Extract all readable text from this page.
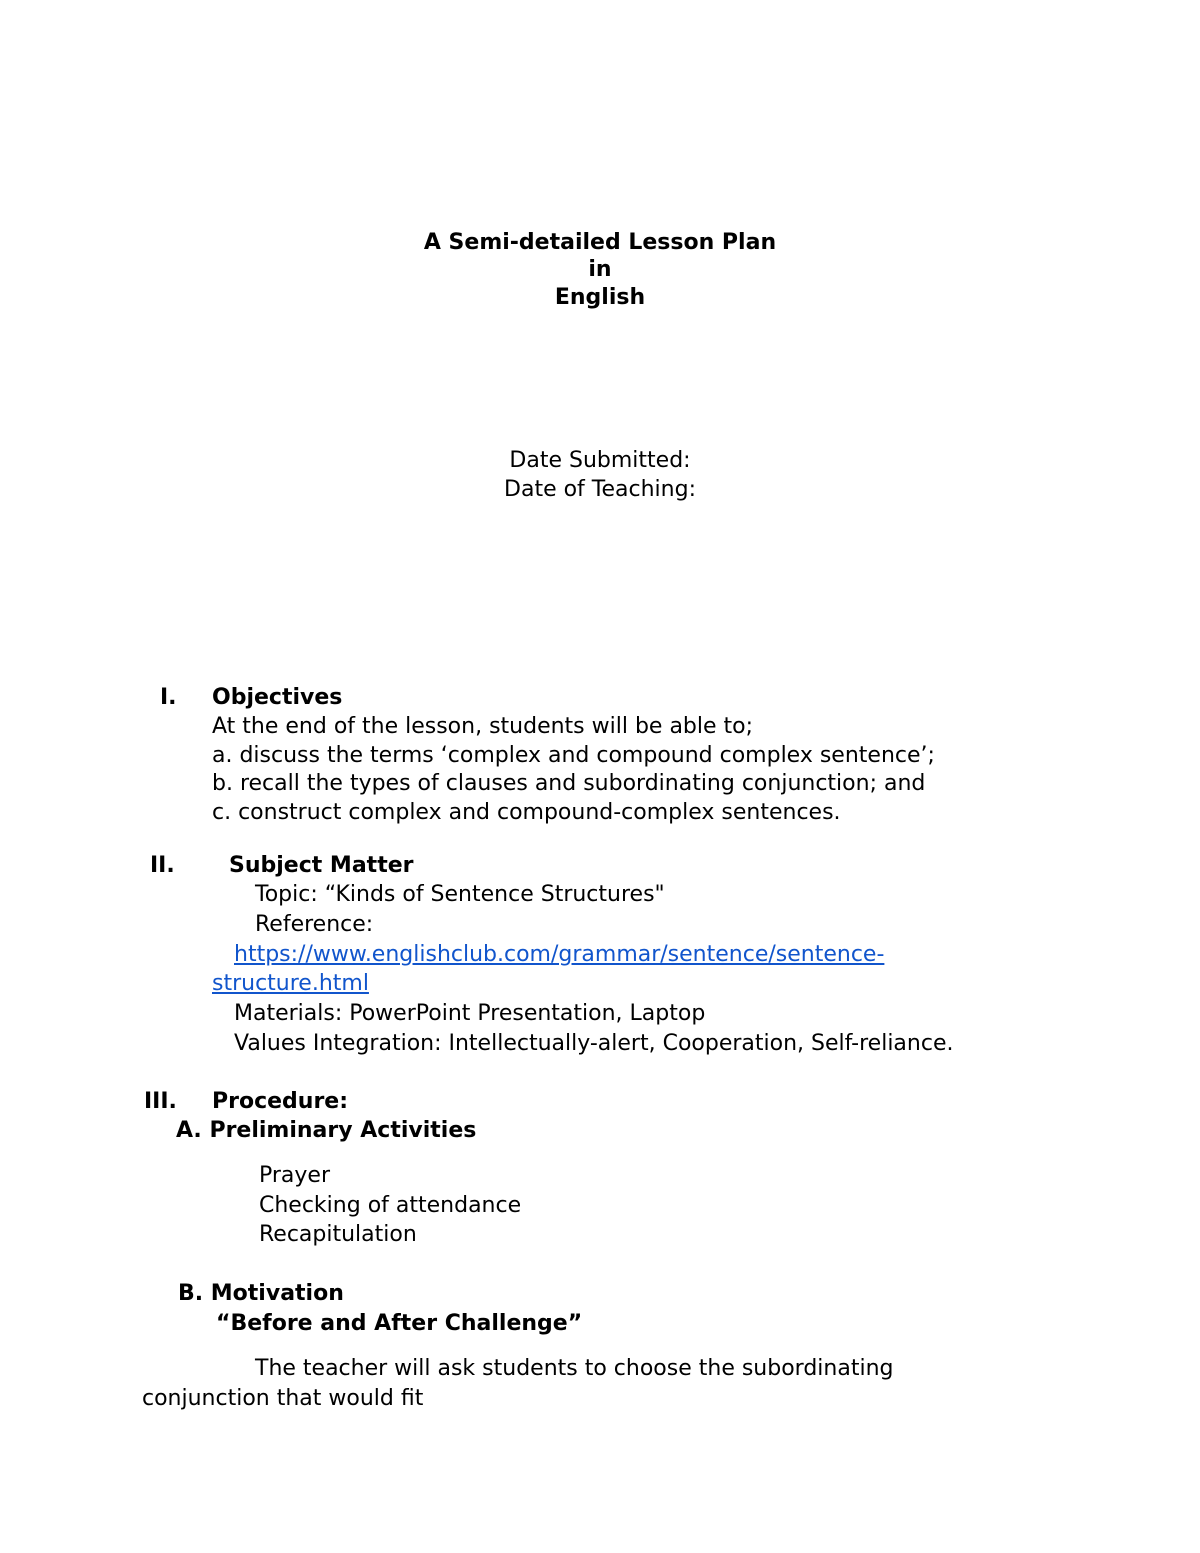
A Semi-detailed Lesson Plan
in
English
Date Submitted:
Date of Teaching:
I. Objectives
At the end of the lesson, students will be able to;
a. discuss the terms ‘complex and compound complex sentence’;
b. recall the types of clauses and subordinating conjunction; and
c. construct complex and compound-complex sentences.
II. Subject Matter
Topic: “Kinds of Sentence Structures"
Reference:
https://www.englishclub.com/grammar/sentence/sentence-
structure.html
Materials: PowerPoint Presentation, Laptop
Values Integration: Intellectually-alert, Cooperation, Self-reliance.
III. Procedure:
A. Preliminary Activities
Prayer
Checking of attendance
Recapitulation
B. Motivation
“Before and After Challenge”
The teacher will ask students to choose the subordinating
conjunction that would fit
